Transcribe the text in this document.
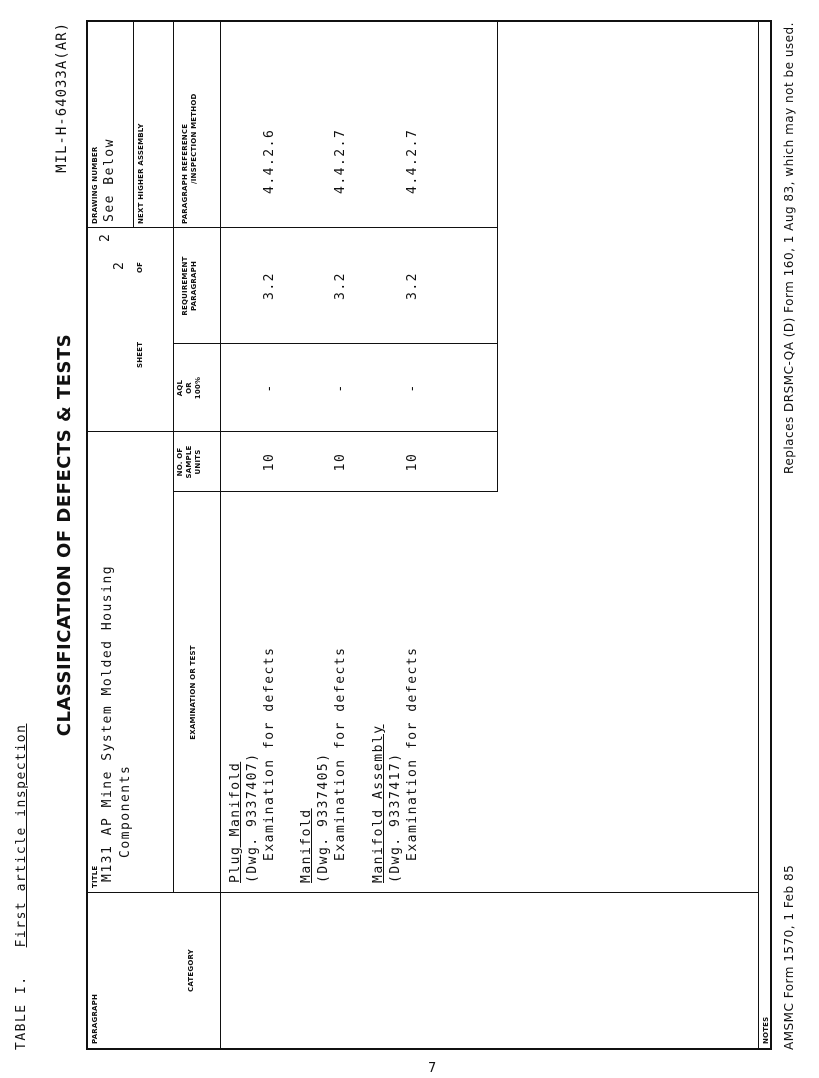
TABLE I.   First article inspection
CLASSIFICATION OF DEFECTS & TESTS
MIL-H-64033A(AR)
PARAGRAPH
TITLE M131 AP Mine System Molded Housing Components
SHEET
2 OF
2
DRAWING NUMBER See Below	NEXT HIGHER ASSEMBLY
CATEGORY
EXAMINATION OR TEST
NO. OF SAMPLE UNITS
AQL OR 100%
REQUIREMENT PARAGRAPH
PARAGRAPH REFERENCE /INSPECTION METHOD
NOTES
Plug Manifold (Dwg. 9337407) Examination for defects
10
-
3.2
4.4.2.6
Manifold (Dwg. 9337405) Examination for defects
10
-
3.2
4.4.2.7
Manifold Assembly (Dwg. 9337417) Examination for defects
10
-
3.2
4.4.2.7
AMSMC Form 1570, 1 Feb 85
Replaces DRSMC-QA (D) Form 160, 1 Aug 83, which may not be used.
7
